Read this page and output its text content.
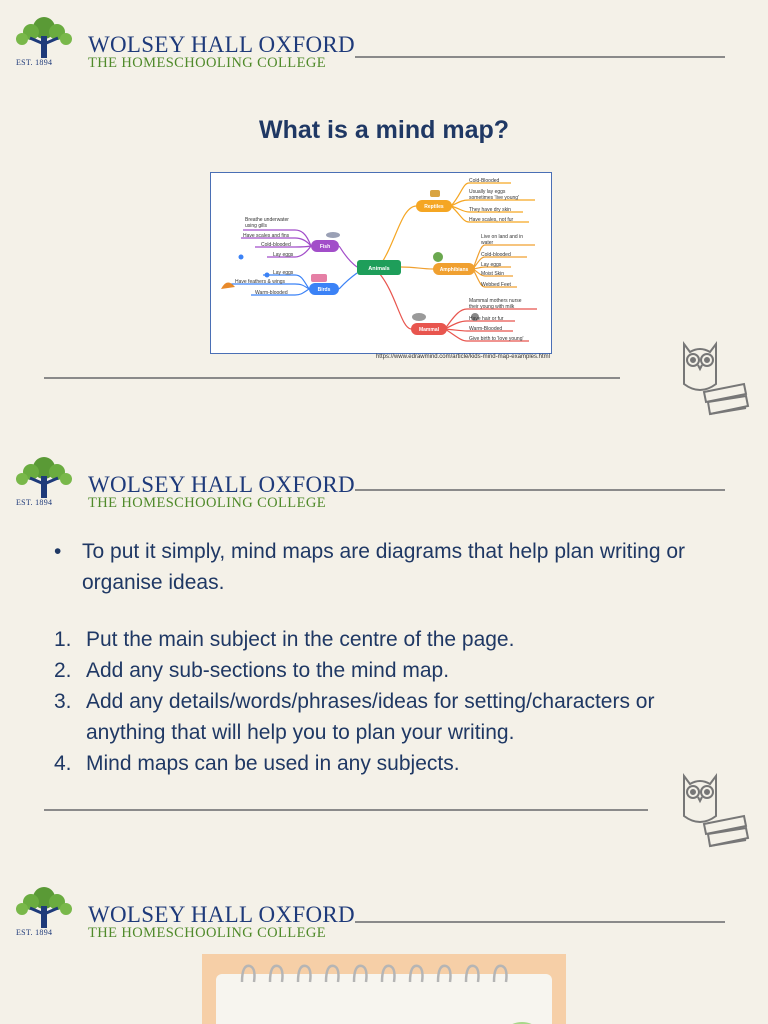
EST. 1894
WOLSEY HALL OXFORD
THE HOMESCHOOLING COLLEGE
What is a mind map?
Animals
Reptiles
Amphibians
Mammal
Fish
Birds
Cold-Blooded
Usually lay eggs
sometimes 'live young'
They have dry skin
Have scales, not fur
Live on land and in
water
Cold-blooded
Lay eggs
Moist Skin
Webbed Feet
Mammal mothers nurse
their young with milk
Have hair or fur
Warm-Blooded
Give birth to 'love young'
Breathe underwater
using gills
Have scales and fins
Cold-blooded
Lay eggs
Lay eggs
Have feathers & wings
Warm-blooded
https://www.edrawmind.com/article/kids-mind-map-examples.html
EST. 1894
WOLSEY HALL OXFORD
THE HOMESCHOOLING COLLEGE
• To put it simply, mind maps are diagrams that help plan writing or organise ideas.
1. Put the main subject in the centre of the page.
2. Add any sub-sections to the mind map.
3. Add any details/words/phrases/ideas for setting/characters or anything that will help you to plan your writing.
4. Mind maps can be used in any subjects.
EST. 1894
WOLSEY HALL OXFORD
THE HOMESCHOOLING COLLEGE
